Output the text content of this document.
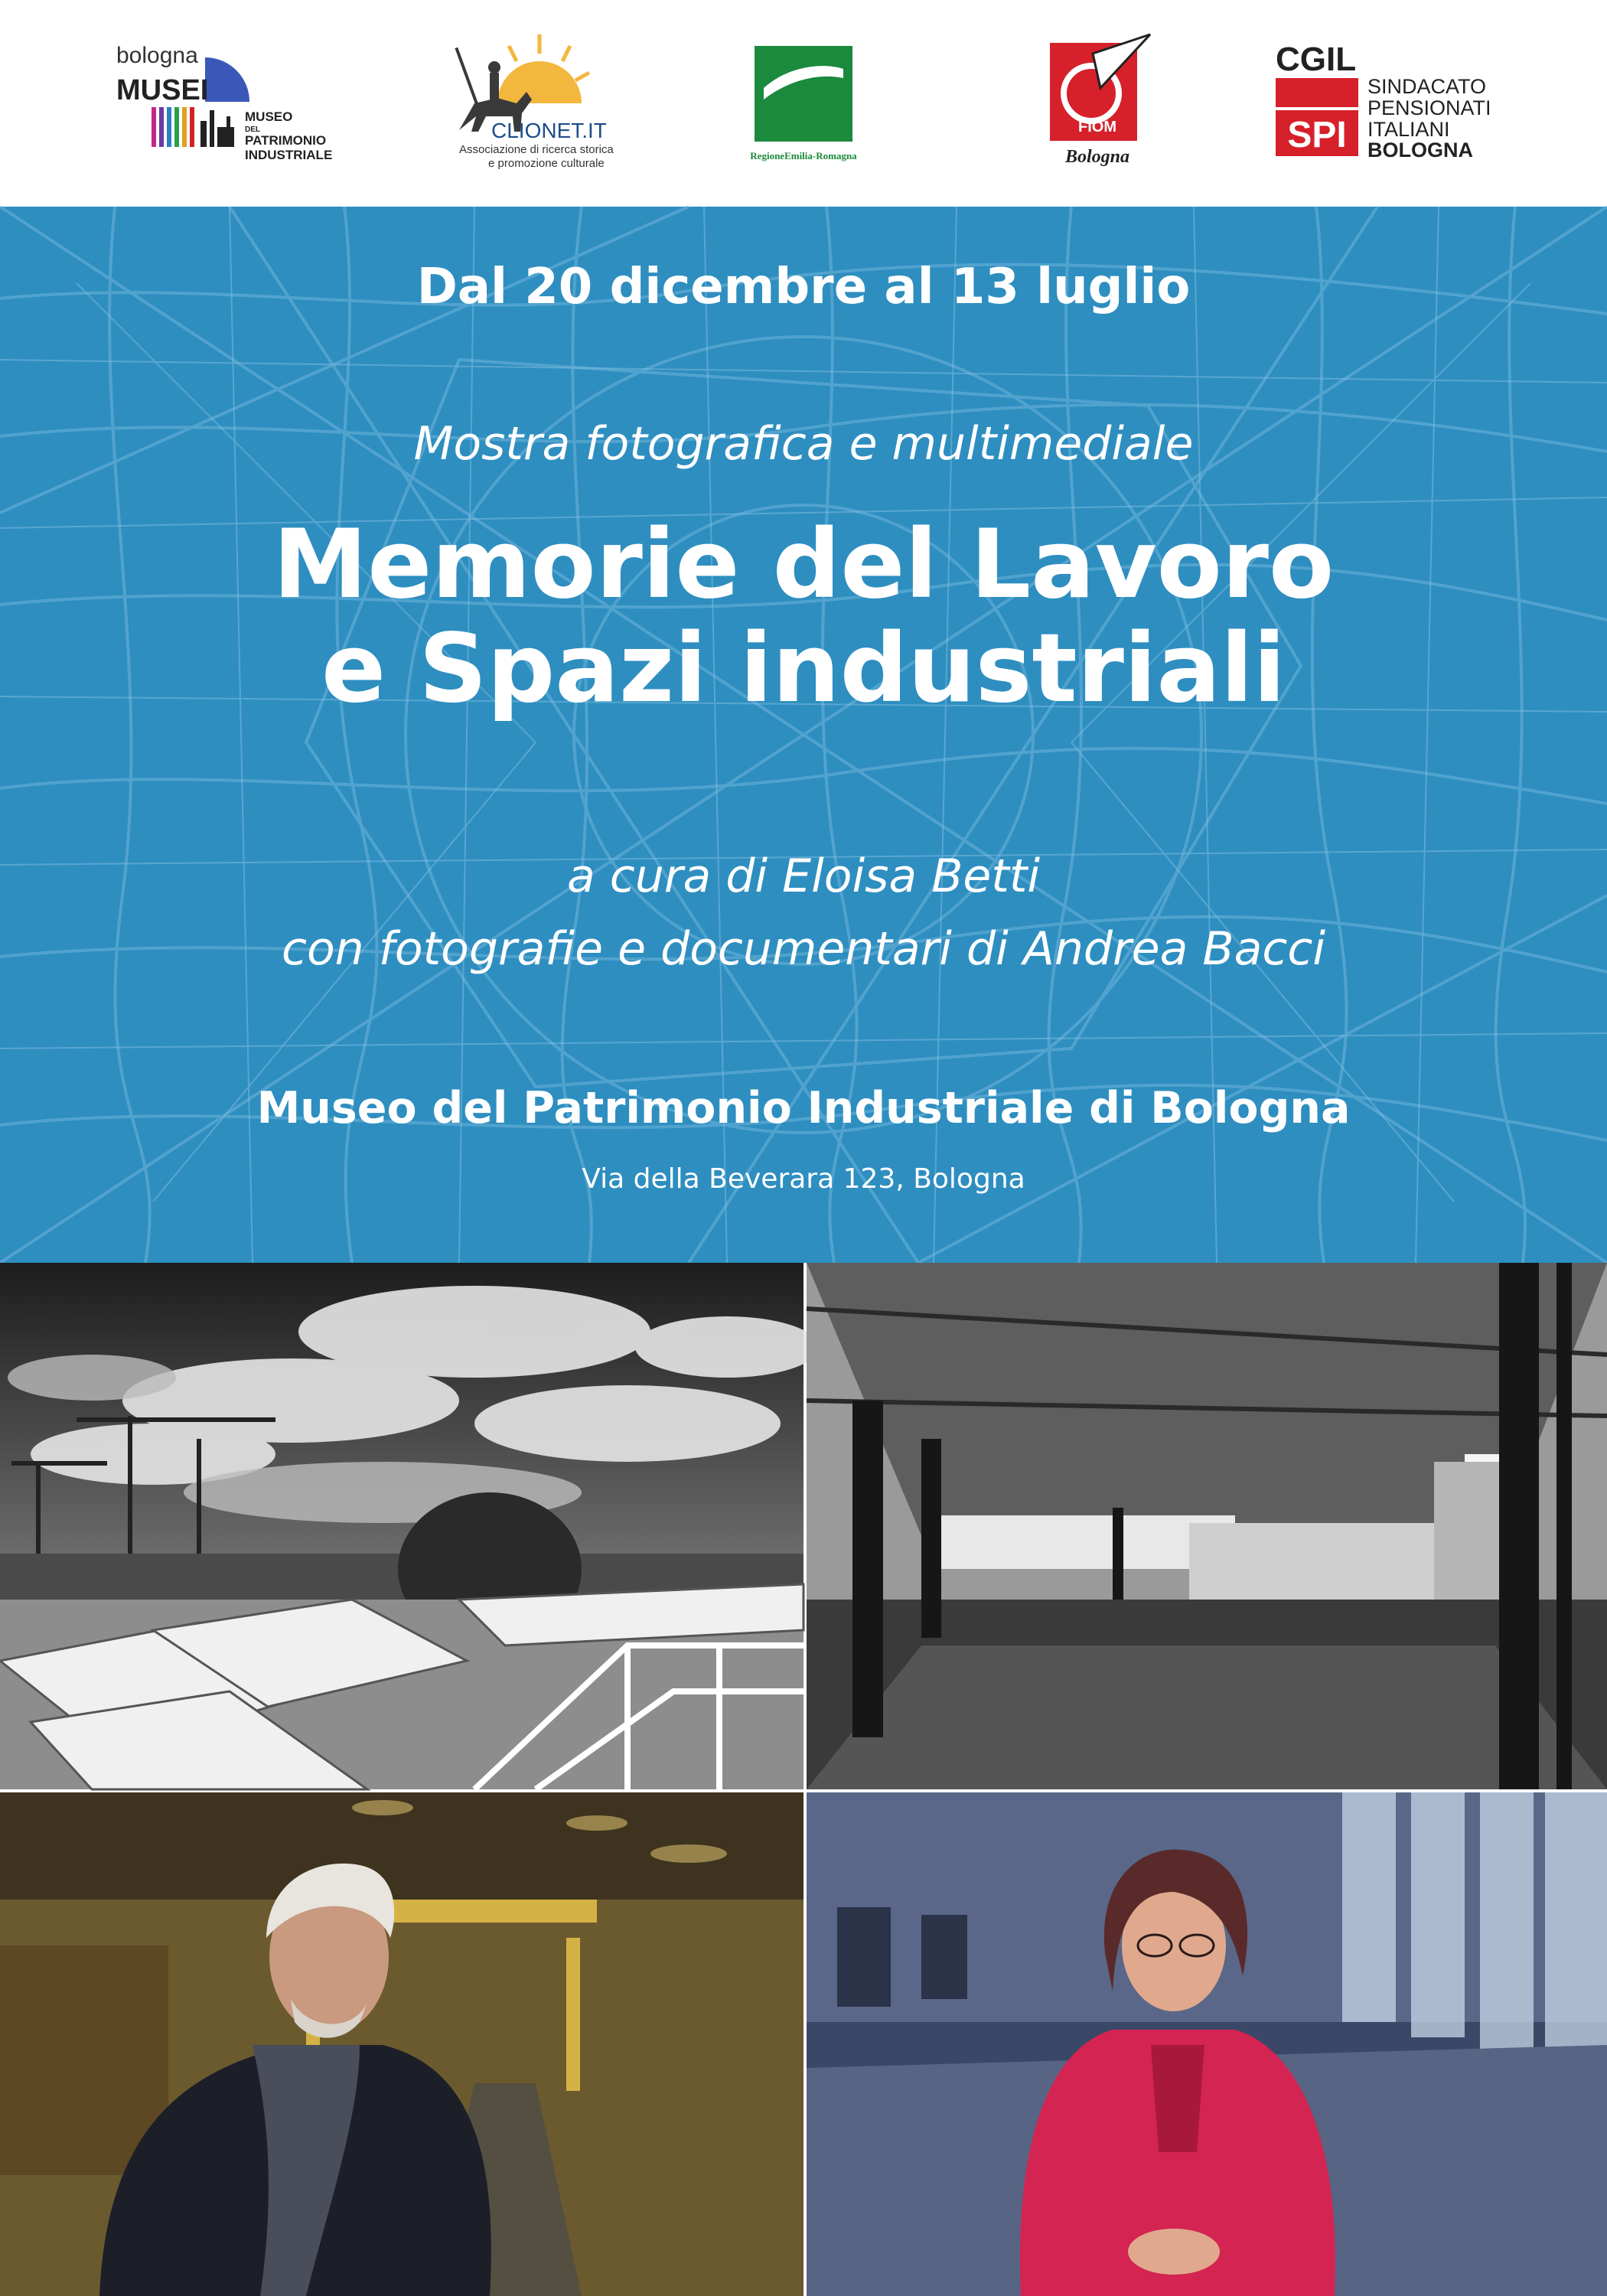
bologna
MUSEI
MUSEO
DEL
PATRIMONIO
INDUSTRIALE
CLIONET.IT
Associazione di ricerca storica
e promozione culturale
RegioneEmilia-Romagna
FIOM
Bologna
CGIL
SPI
SINDACATO
PENSIONATI
ITALIANI
BOLOGNA

Dal 20 dicembre al 13 luglio

Mostra fotografica e multimediale

Memorie del Lavoro
e Spazi industriali

a cura di Eloisa Betti

con fotografie e documentari di Andrea Bacci

Museo del Patrimonio Industriale di Bologna

Via della Beverara 123, Bologna
